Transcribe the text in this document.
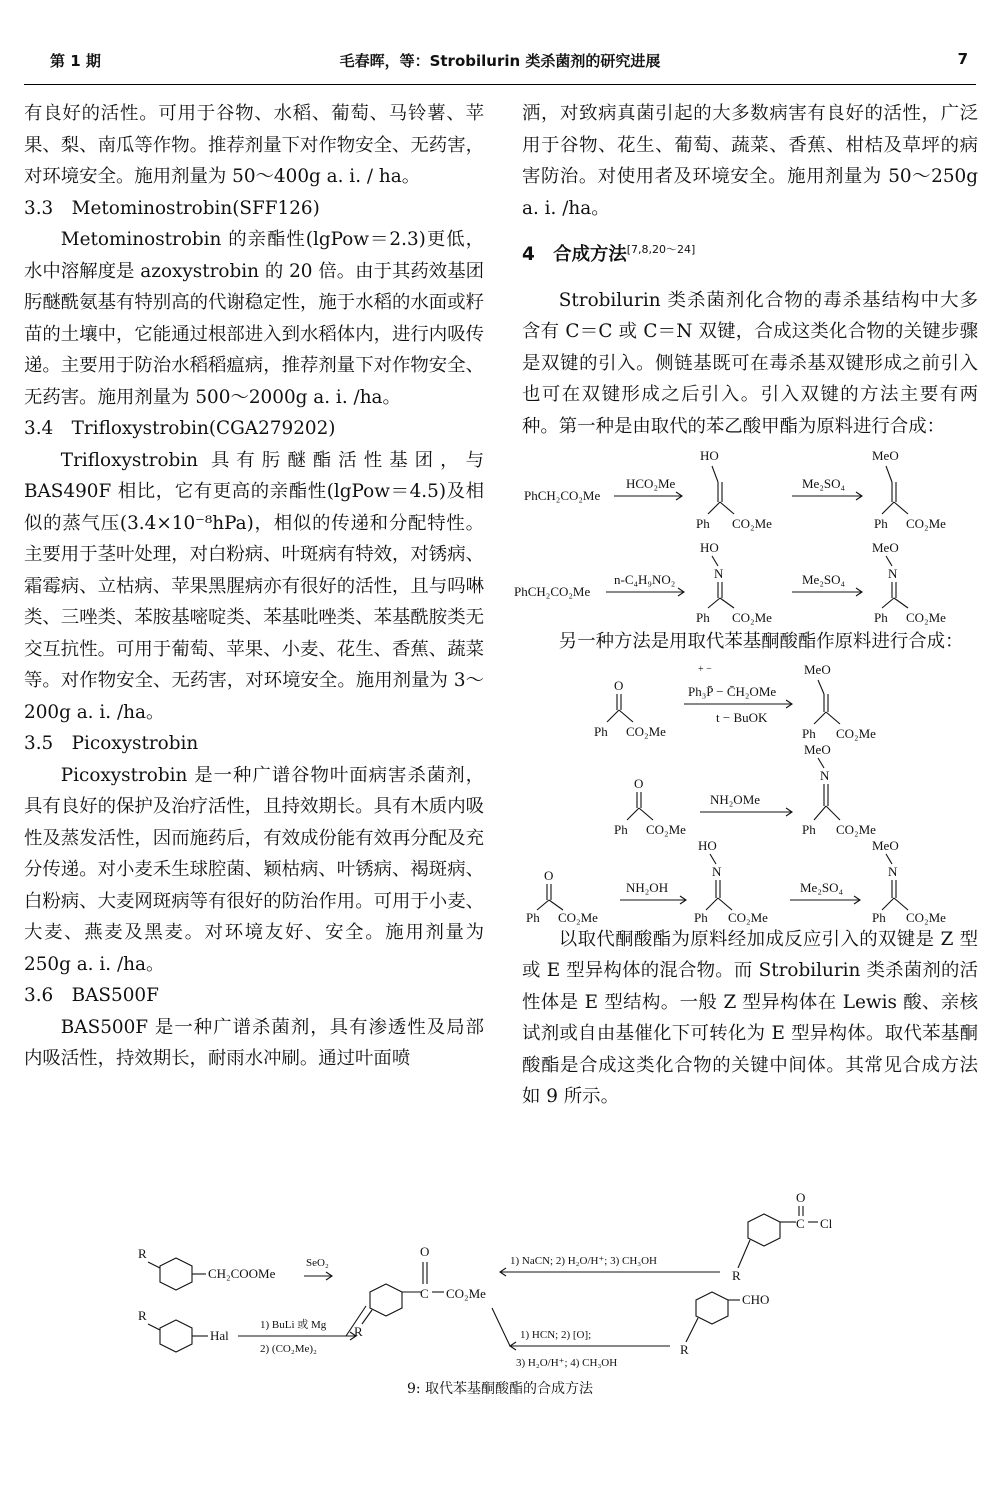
第 1 期	毛春晖，等：Strobilurin 类杀菌剂的研究进展	7

有良好的活性。可用于谷物、水稻、葡萄、马铃薯、苹果、梨、南瓜等作物。推荐剂量下对作物安全、无药害，对环境安全。施用剂量为 50～400g a. i. ∕ ha。

3.3　Metominostrobin(SFF126)

Metominostrobin 的亲酯性(lgPow＝2.3)更低，水中溶解度是 azoxystrobin 的 20 倍。由于其药效基团肟醚酰氨基有特别高的代谢稳定性，施于水稻的水面或籽苗的土壤中，它能通过根部进入到水稻体内，进行内吸传递。主要用于防治水稻稻瘟病，推荐剂量下对作物安全、无药害。施用剂量为 500～2000g a. i. ∕ha。

3.4　Trifloxystrobin(CGA279202)

Trifloxystrobin 具有肟醚酯活性基团，与 BAS490F 相比，它有更高的亲酯性(lgPow＝4.5)及相似的蒸气压(3.4×10⁻⁸hPa)，相似的传递和分配特性。主要用于茎叶处理，对白粉病、叶斑病有特效，对锈病、霜霉病、立枯病、苹果黑腥病亦有很好的活性，且与吗啉类、三唑类、苯胺基嘧啶类、苯基吡唑类、苯基酰胺类无交互抗性。可用于葡萄、苹果、小麦、花生、香蕉、蔬菜等。对作物安全、无药害，对环境安全。施用剂量为 3～200g a. i. ∕ha。

3.5　Picoxystrobin

Picoxystrobin 是一种广谱谷物叶面病害杀菌剂，具有良好的保护及治疗活性，且持效期长。具有木质内吸性及蒸发活性，因而施药后，有效成份能有效再分配及充分传递。对小麦禾生球腔菌、颖枯病、叶锈病、褐斑病、白粉病、大麦网斑病等有很好的防治作用。可用于小麦、大麦、燕麦及黑麦。对环境友好、安全。施用剂量为 250g a. i. ∕ha。

3.6　BAS500F

BAS500F 是一种广谱杀菌剂，具有渗透性及局部内吸活性，持效期长，耐雨水冲刷。通过叶面喷

洒，对致病真菌引起的大多数病害有良好的活性，广泛用于谷物、花生、葡萄、蔬菜、香蕉、柑桔及草坪的病害防治。对使用者及环境安全。施用剂量为 50～250g a. i. ∕ha。

4　合成方法[7,8,20～24]

Strobilurin 类杀菌剂化合物的毒杀基结构中大多含有 C＝C 或 C＝N 双键，合成这类化合物的关键步骤是双键的引入。侧链基既可在毒杀基双键形成之前引入也可在双键形成之后引入。引入双键的方法主要有两种。第一种是由取代的苯乙酸甲酯为原料进行合成：

PhCH₂CO₂Me
HCO₂Me
HO
Ph CO₂Me
Me₂SO₄
MeO
Ph CO₂Me
HO
N
Ph CO₂Me
PhCH₂CO₂Me
n-C₄H₉NO₂	Me₂SO₄
MeO
N
Ph CO₂Me

另一种方法是用取代苯基酮酸酯作原料进行合成：

O
Ph CO₂Me
+ −
Ph₃P̄ − C̄H₂OMe
t − BuOK
MeO
Ph CO₂Me
MeO
N
O
Ph CO₂Me
NH₂OMe
Ph CO₂Me
O
Ph CO₂Me
NH₂OH
HO
N
Ph CO₂Me
Me₂SO₄
MeO
N
Ph CO₂Me

以取代酮酸酯为原料经加成反应引入的双键是 Z 型或 E 型异构体的混合物。而 Strobilurin 类杀菌剂的活性体是 E 型结构。一般 Z 型异构体在 Lewis 酸、亲核试剂或自由基催化下可转化为 E 型异构体。取代苯基酮酸酯是合成这类化合物的关键中间体。其常见合成方法如 9 所示。

R
CH₂COOMe
SeO₂
R
Hal
1) BuLi 或 Mg
2) (CO₂Me)₂
R
O
C CO₂Me
1) NaCN; 2) H₂O/H⁺; 3) CH₃OH
R
O
C Cl
CHO
R
1) HCN; 2) [O];
3) H₂O/H⁺; 4) CH₃OH
9: 取代苯基酮酸酯的合成方法
